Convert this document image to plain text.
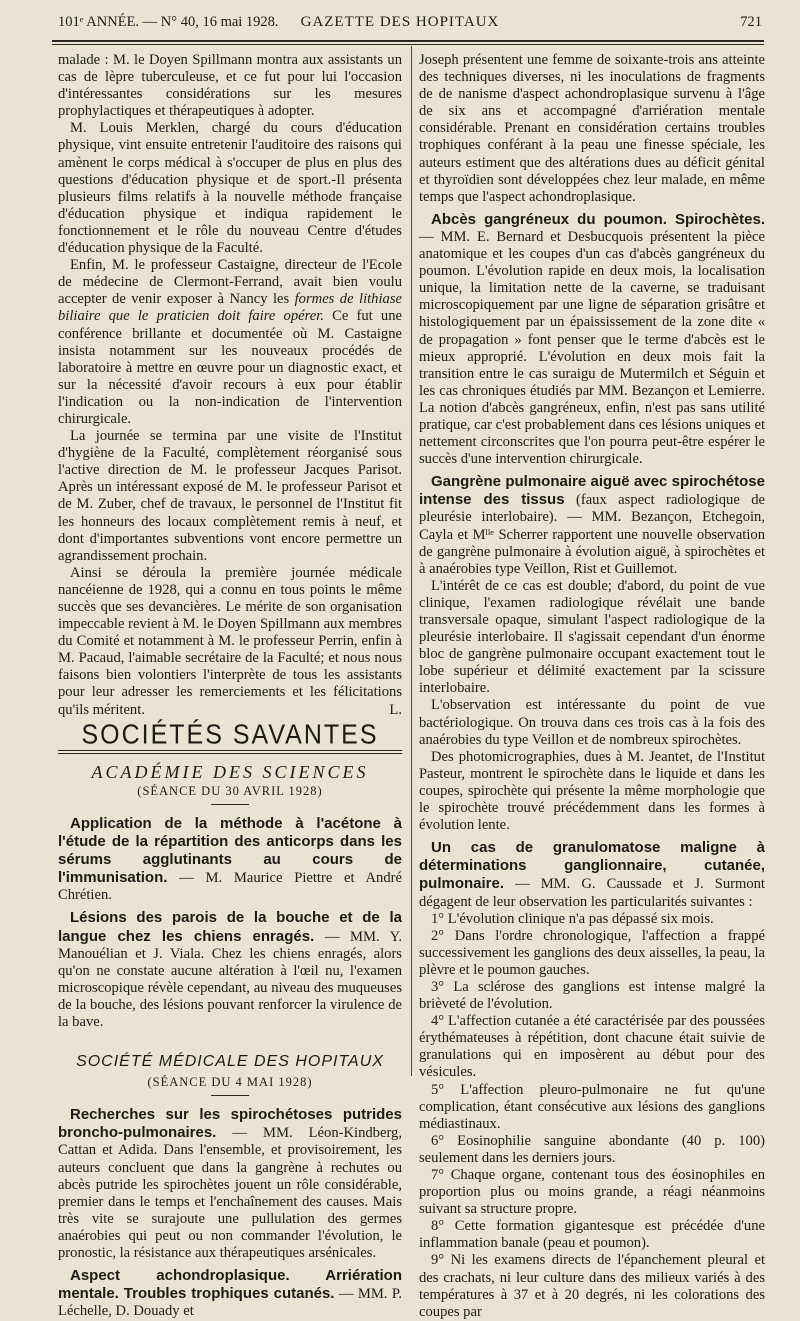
101ᵉ ANNÉE. — N° 40, 16 mai 1928.	GAZETTE DES HOPITAUX	721

malade : M. le Doyen Spillmann montra aux assistants un cas de lèpre tuberculeuse, et ce fut pour lui l'occasion d'intéressantes considérations sur les mesures prophylactiques et thérapeutiques à adopter.

M. Louis Merklen, chargé du cours d'éducation physique, vint ensuite entretenir l'auditoire des raisons qui amènent le corps médical à s'occuper de plus en plus des questions d'éducation physique et de sport.-Il présenta plusieurs films relatifs à la nouvelle méthode française d'éducation physique et indiqua rapidement le fonctionnement et le rôle du nouveau Centre d'études d'éducation physique de la Faculté.

Enfin, M. le professeur Castaigne, directeur de l'Ecole de médecine de Clermont-Ferrand, avait bien voulu accepter de venir exposer à Nancy les formes de lithiase biliaire que le praticien doit faire opérer. Ce fut une conférence brillante et documentée où M. Castaigne insista notamment sur les nouveaux procédés de laboratoire à mettre en œuvre pour un diagnostic exact, et sur la nécessité d'avoir recours à eux pour établir l'indication ou la non-indication de l'intervention chirurgicale.

La journée se termina par une visite de l'Institut d'hygiène de la Faculté, complètement réorganisé sous l'active direction de M. le professeur Jacques Parisot. Après un intéressant exposé de M. le professeur Parisot et de M. Zuber, chef de travaux, le personnel de l'Institut fit les honneurs des locaux complètement remis à neuf, et dont d'importantes subventions vont encore permettre un agrandissement prochain.

Ainsi se déroula la première journée médicale nancéienne de 1928, qui a connu en tous points le même succès que ses devancières. Le mérite de son organisation impeccable revient à M. le Doyen Spillmann aux membres du Comité et notamment à M. le professeur Perrin, enfin à M. Pacaud, l'aimable secrétaire de la Faculté; et nous nous faisons bien volontiers l'interprète de tous les assistants pour leur adresser les remerciements et les félicitations qu'ils méritent.	L.

SOCIÉTÉS SAVANTES
ACADÉMIE DES SCIENCES
(SÉANCE DU 30 AVRIL 1928)

Application de la méthode à l'acétone à l'étude de la répartition des anticorps dans les sérums agglutinants au cours de l'immunisation. — M. Maurice Piettre et André Chrétien.

Lésions des parois de la bouche et de la langue chez les chiens enragés. — MM. Y. Manouélian et J. Viala. Chez les chiens enragés, alors qu'on ne constate aucune altération à l'œil nu, l'examen microscopique révèle cependant, au niveau des muqueuses de la bouche, des lésions pouvant renforcer la virulence de la bave.

SOCIÉTÉ MÉDICALE DES HOPITAUX
(SÉANCE DU 4 MAI 1928)

Recherches sur les spirochétoses putrides broncho-pulmonaires. — MM. Léon-Kindberg, Cattan et Adida. Dans l'ensemble, et provisoirement, les auteurs concluent que dans la gangrène à rechutes ou abcès putride les spirochètes jouent un rôle considérable, premier dans le temps et l'enchaînement des causes. Mais très vite se surajoute une pullulation des germes anaérobies qui peut ou non commander l'évolution, le pronostic, la résistance aux thérapeutiques arsénicales.

Aspect achondroplasique. Arriération mentale. Troubles trophiques cutanés. — MM. P. Léchelle, D. Douady et

Joseph présentent une femme de soixante-trois ans atteinte des techniques diverses, ni les inoculations de fragments de de nanisme d'aspect achondroplasique survenu à l'âge de six ans et accompagné d'arriération mentale considérable. Prenant en considération certains troubles trophiques conférant à la peau une finesse spéciale, les auteurs estiment que des altérations dues au déficit génital et thyroïdien sont développées chez leur malade, en même temps que l'aspect achondroplasique.

Abcès gangréneux du poumon. Spirochètes. — MM. E. Bernard et Desbucquois présentent la pièce anatomique et les coupes d'un cas d'abcès gangréneux du poumon. L'évolution rapide en deux mois, la localisation unique, la limitation nette de la caverne, se traduisant microscopiquement par une ligne de séparation grisâtre et histologiquement par un épaississement de la zone dite « de propagation » font penser que le terme d'abcès est le mieux approprié. L'évolution en deux mois fait la transition entre le cas suraigu de Mutermilch et Séguin et les cas chroniques étudiés par MM. Bezançon et Lemierre. La notion d'abcès gangréneux, enfin, n'est pas sans utilité pratique, car c'est probablement dans ces lésions uniques et nettement circonscrites que l'on pourra peut-être espérer le succès d'une intervention chirurgicale.

Gangrène pulmonaire aiguë avec spirochétose intense des tissus (faux aspect radiologique de pleurésie interlobaire). — MM. Bezançon, Etchegoin, Cayla et Mˡˡᵉ Scherrer rapportent une nouvelle observation de gangrène pulmonaire à évolution aiguë, à spirochètes et à anaérobies type Veillon, Rist et Guillemot.

L'intérêt de ce cas est double; d'abord, du point de vue clinique, l'examen radiologique révélait une bande transversale opaque, simulant l'aspect radiologique de la pleurésie interlobaire. Il s'agissait cependant d'un énorme bloc de gangrène pulmonaire occupant exactement tout le lobe supérieur et délimité exactement par la scissure interlobaire.

L'observation est intéressante du point de vue bactériologique. On trouva dans ces trois cas à la fois des anaérobies du type Veillon et de nombreux spirochètes.

Des photomicrographies, dues à M. Jeantet, de l'Institut Pasteur, montrent le spirochète dans le liquide et dans les coupes, spirochète qui présente la même morphologie que le spirochète trouvé précédemment dans les formes à évolution lente.

Un cas de granulomatose maligne à déterminations ganglionnaire, cutanée, pulmonaire. — MM. G. Caussade et J. Surmont dégagent de leur observation les particularités suivantes :

1° L'évolution clinique n'a pas dépassé six mois.

2° Dans l'ordre chronologique, l'affection a frappé successivement les ganglions des deux aisselles, la peau, la plèvre et le poumon gauches.

3° La sclérose des ganglions est intense malgré la brièveté de l'évolution.

4° L'affection cutanée a été caractérisée par des poussées érythémateuses à répétition, dont chacune était suivie de granulations qui en imposèrent au début pour des vésicules.

5° L'affection pleuro-pulmonaire ne fut qu'une complication, étant consécutive aux lésions des ganglions médiastinaux.

6° Eosinophilie sanguine abondante (40 p. 100) seulement dans les derniers jours.

7° Chaque organe, contenant tous des éosinophiles en proportion plus ou moins grande, a réagi néanmoins suivant sa structure propre.

8° Cette formation gigantesque est précédée d'une inflammation banale (peau et poumon).

9° Ni les examens directs de l'épanchement pleural et des crachats, ni leur culture dans des milieux variés à des températures à 37 et à 20 degrés, ni les colorations des coupes par
